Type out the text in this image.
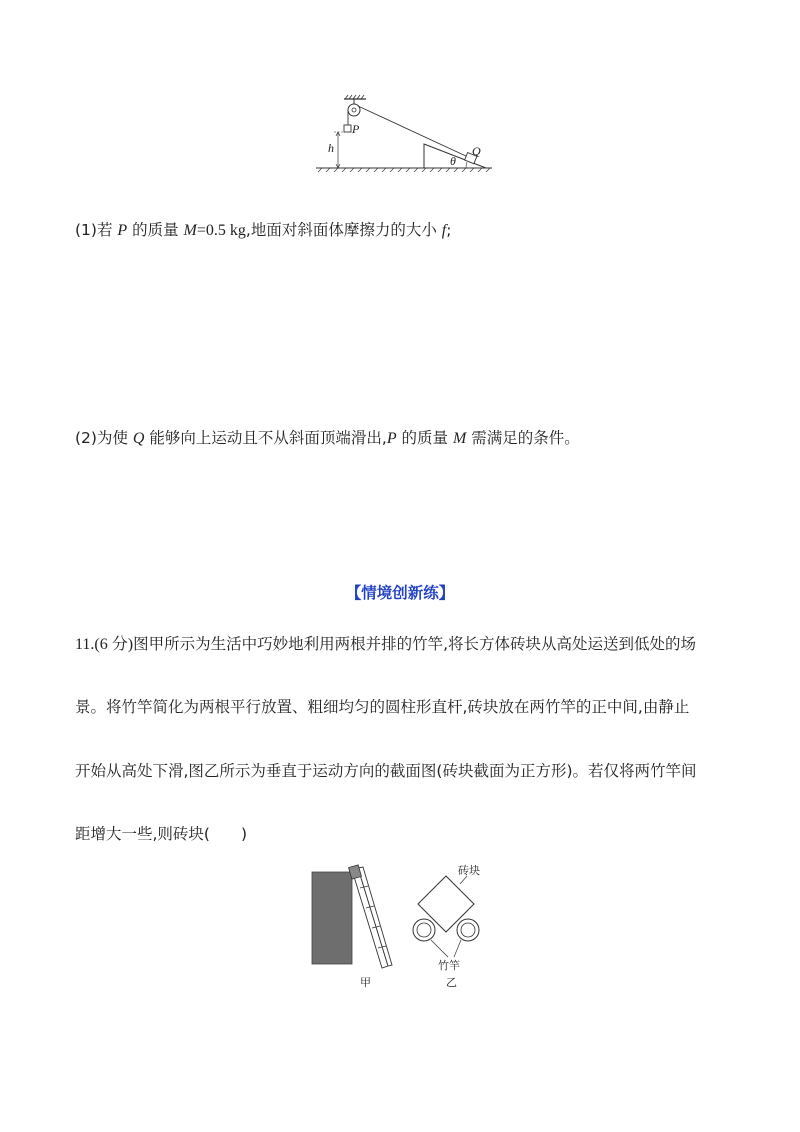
P
Q
h
θ
(1)若 P 的质量 M=0.5 kg,地面对斜面体摩擦力的大小 f;
(2)为使 Q 能够向上运动且不从斜面顶端滑出,P 的质量 M 需满足的条件。
【情境创新练】
11.(6 分)图甲所示为生活中巧妙地利用两根并排的竹竿,将长方体砖块从高处运送到低处的场
景。将竹竿简化为两根平行放置、粗细均匀的圆柱形直杆,砖块放在两竹竿的正中间,由静止
开始从高处下滑,图乙所示为垂直于运动方向的截面图(砖块截面为正方形)。若仅将两竹竿间
距增大一些,则砖块(　　)
砖块
竹竿
甲	乙
